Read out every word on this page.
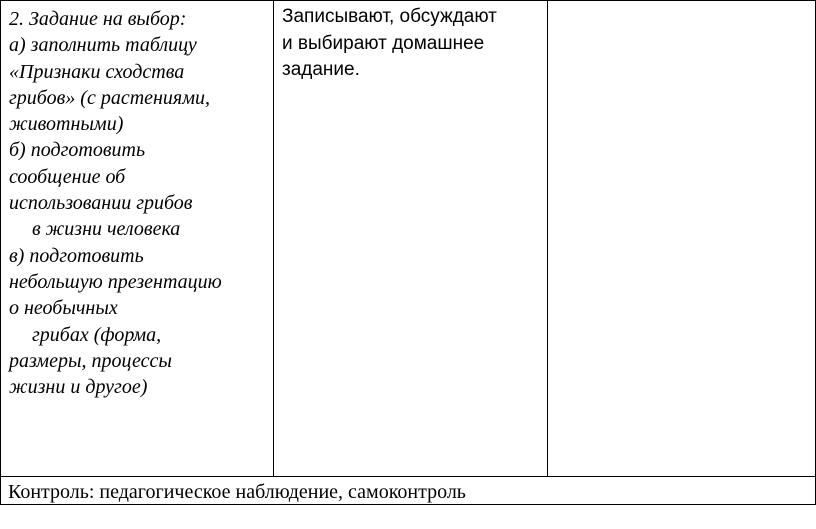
2. Задание на выбор:
а) заполнить таблицу
«Признаки сходства
грибов» (с растениями,
животными)
б) подготовить
сообщение об
использовании грибов
в жизни человека
в) подготовить
небольшую презентацию
о необычных
грибах (форма,
размеры, процессы
жизни и другое)
Записывают, обсуждают
и выбирают домашнее
задание.
Контроль: педагогическое наблюдение, самоконтроль
